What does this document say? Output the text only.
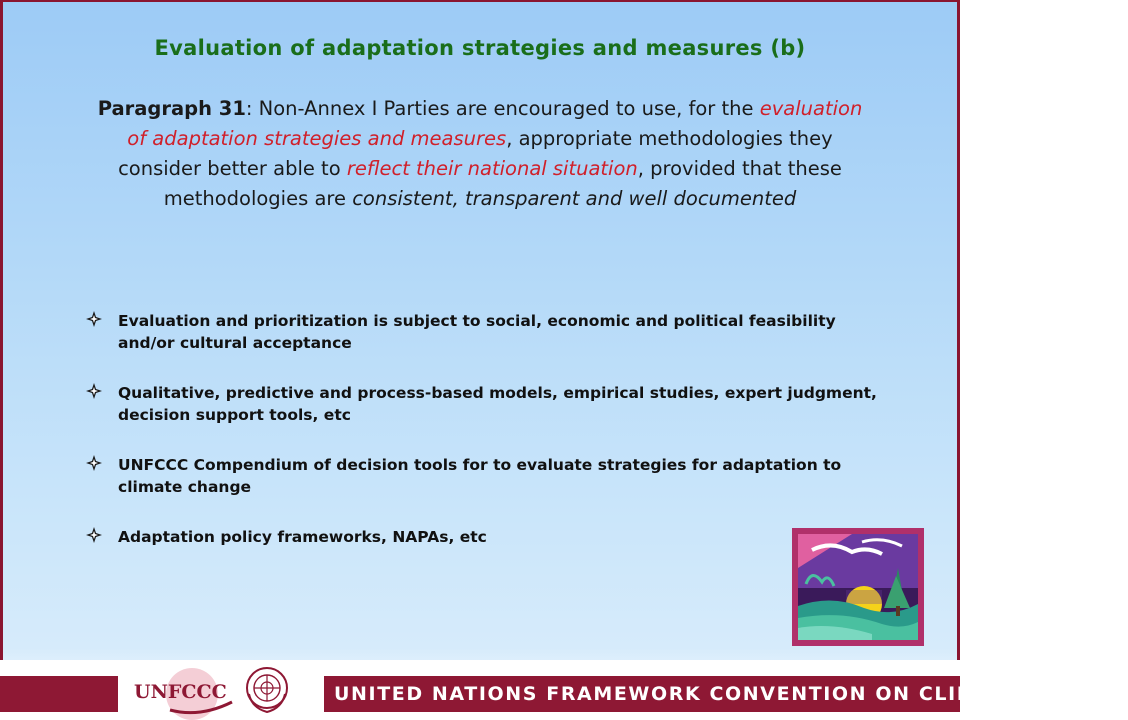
Evaluation of adaptation strategies and measures (b)
Paragraph 31: Non-Annex I Parties are encouraged to use, for the evaluation of adaptation strategies and measures, appropriate methodologies they consider better able to reflect their national situation, provided that these methodologies are consistent, transparent and well documented
Evaluation and prioritization is subject to social, economic and political feasibility and/or cultural acceptance
Qualitative, predictive and process-based models, empirical studies, expert judgment, decision support tools, etc
UNFCCC Compendium of decision tools for to evaluate strategies for adaptation to climate change
Adaptation policy frameworks, NAPAs, etc
UNFCCC	UNITED NATIONS FRAMEWORK CONVENTION ON CLIMATE CHANGE
